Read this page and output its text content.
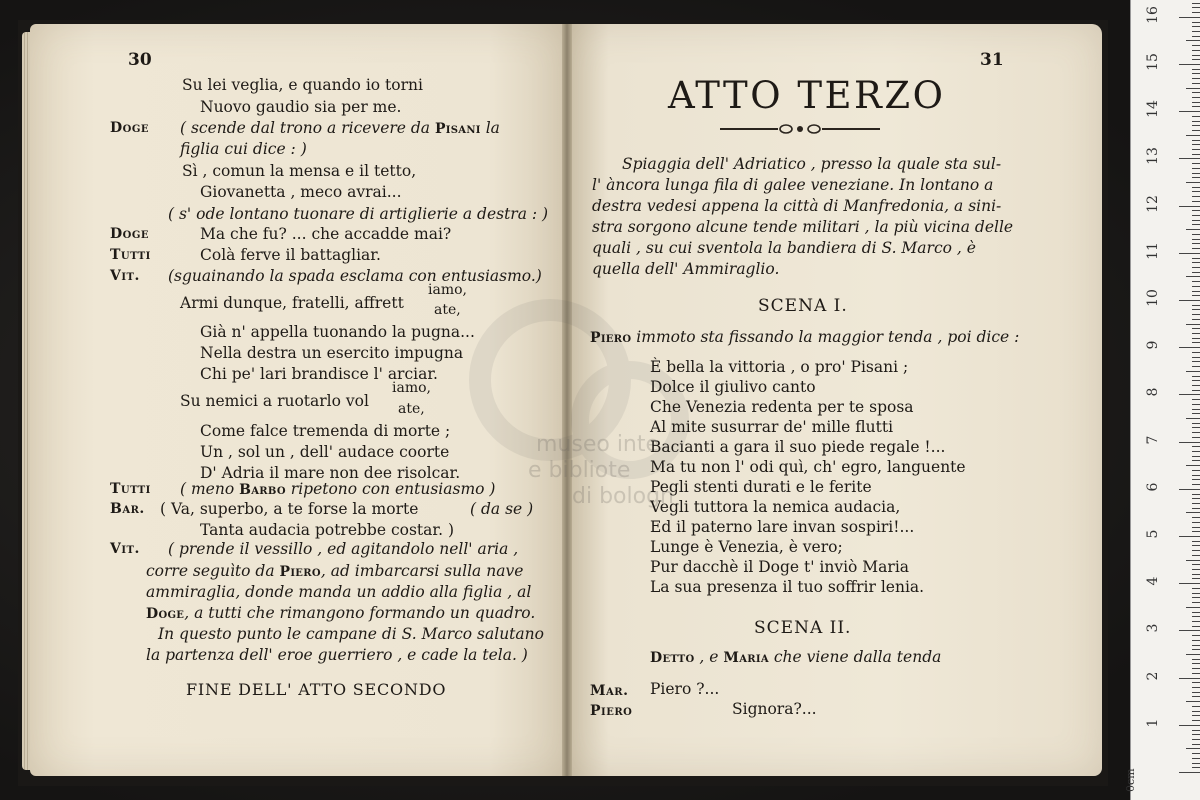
museo inte
e bibliote
di bologn
30
Su lei veglia, e quando io torni
Nuovo gaudio sia per me.
Doge ( scende dal trono a ricevere da Pisani la
figlia cui dice : )
Sì , comun la mensa e il tetto,
Giovanetta , meco avrai...
( s' ode lontano tuonare di artiglierie a destra : )
Doge	Ma che fu? ... che accadde mai?
Tutti	Colà ferve il battagliar.
Vit. (sguainando la spada esclama con entusiasmo.)
Armi dunque, fratelli, affrett
iamo,
ate,
Già n' appella tuonando la pugna...
Nella destra un esercito impugna
Chi pe' lari brandisce l' arciar.
Su nemici a ruotarlo vol
iamo,
ate,
Come falce tremenda di morte ;
Un , sol un , dell' audace coorte
D' Adria il mare non dee risolcar.
Tutti ( meno Barbo ripetono con entusiasmo )
Bar. ( Va, superbo, a te forse la morte	( da se )
Tanta audacia potrebbe costar. )
Vit. ( prende il vessillo , ed agitandolo nell' aria ,
corre seguìto da Piero, ad imbarcarsi sulla nave
ammiraglia, donde manda un addio alla figlia , al
Doge, a tutti che rimangono formando un quadro.
In questo punto le campane di S. Marco salutano
la partenza dell' eroe guerriero , e cade la tela. )
FINE DELL' ATTO SECONDO
31
ATTO TERZO
Spiaggia dell' Adriatico , presso la quale sta sul-
l' àncora lunga fila di galee veneziane. In lontano a
destra vedesi appena la città di Manfredonia, a sini-
stra sorgono alcune tende militari , la più vicina delle
quali , su cui sventola la bandiera di S. Marco , è
quella dell' Ammiraglio.
SCENA I.
Piero immoto sta fissando la maggior tenda , poi dice :
È bella la vittoria , o pro' Pisani ;
Dolce il giulivo canto
Che Venezia redenta per te sposa
Al mite susurrar de' mille flutti
Bacianti a gara il suo piede regale !...
Ma tu non l' odi quì, ch' egro, languente
Pegli stenti durati e le ferite
Vegli tuttora la nemica audacia,
Ed il paterno lare invan sospiri!...
Lunge è Venezia, è vero;
Pur dacchè il Doge t' inviò Maria
La sua presenza il tuo soffrir lenia.
SCENA II.
Detto , e Maria che viene dalla tenda
Mar. Piero ?...
Piero	Signora?...
0cm
1
2
3
4
5
6
7
8
9
10
11
12
13
14
15
16
